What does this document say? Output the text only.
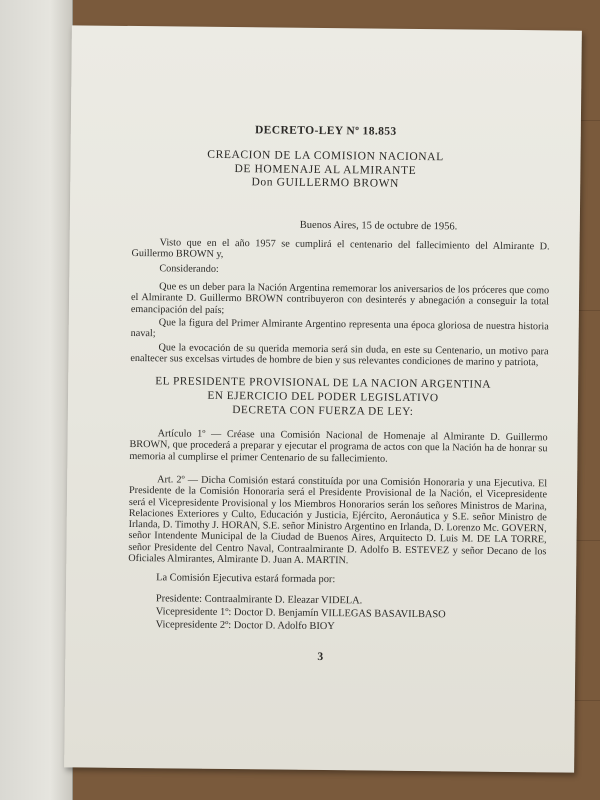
DECRETO-LEY Nº 18.853
CREACION DE LA COMISION NACIONAL
DE HOMENAJE AL ALMIRANTE
Don GUILLERMO BROWN
Buenos Aires, 15 de octubre de 1956.
Visto que en el año 1957 se cumplirá el centenario del fallecimiento del Almirante D. Guillermo BROWN y,
Considerando:
Que es un deber para la Nación Argentina rememorar los aniversarios de los próceres que como el Almirante D. Guillermo BROWN contribuyeron con desinterés y abnegación a conseguir la total emancipación del país;
Que la figura del Primer Almirante Argentino representa una época gloriosa de nuestra historia naval;
Que la evocación de su querida memoria será sin duda, en este su Centenario, un motivo para enaltecer sus excelsas virtudes de hombre de bien y sus relevantes condiciones de marino y patriota,
EL PRESIDENTE PROVISIONAL DE LA NACION ARGENTINA
EN EJERCICIO DEL PODER LEGISLATIVO
DECRETA CON FUERZA DE LEY:
Artículo 1º — Créase una Comisión Nacional de Homenaje al Almirante D. Guillermo BROWN, que procederá a preparar y ejecutar el programa de actos con que la Nación ha de honrar su memoria al cumplirse el primer Centenario de su fallecimiento.
Art. 2º — Dicha Comisión estará constituída por una Comisión Honoraria y una Ejecutiva. El Presidente de la Comisión Honoraria será el Presidente Provisional de la Nación, el Vicepresidente será el Vicepresidente Provisional y los Miembros Honorarios serán los señores Ministros de Marina, Relaciones Exteriores y Culto, Educación y Justicia, Ejército, Aeronáutica y S.E. señor Ministro de Irlanda, D. Timothy J. HORAN, S.E. señor Ministro Argentino en Irlanda, D. Lorenzo Mc. GOVERN, señor Intendente Municipal de la Ciudad de Buenos Aires, Arquitecto D. Luis M. DE LA TORRE, señor Presidente del Centro Naval, Contraalmirante D. Adolfo B. ESTEVEZ y señor Decano de los Oficiales Almirantes, Almirante D. Juan A. MARTIN.
La Comisión Ejecutiva estará formada por:
Presidente: Contraalmirante D. Eleazar VIDELA.
Vicepresidente 1º: Doctor D. Benjamín VILLEGAS BASAVILBASO
Vicepresidente 2º: Doctor D. Adolfo BIOY
3
